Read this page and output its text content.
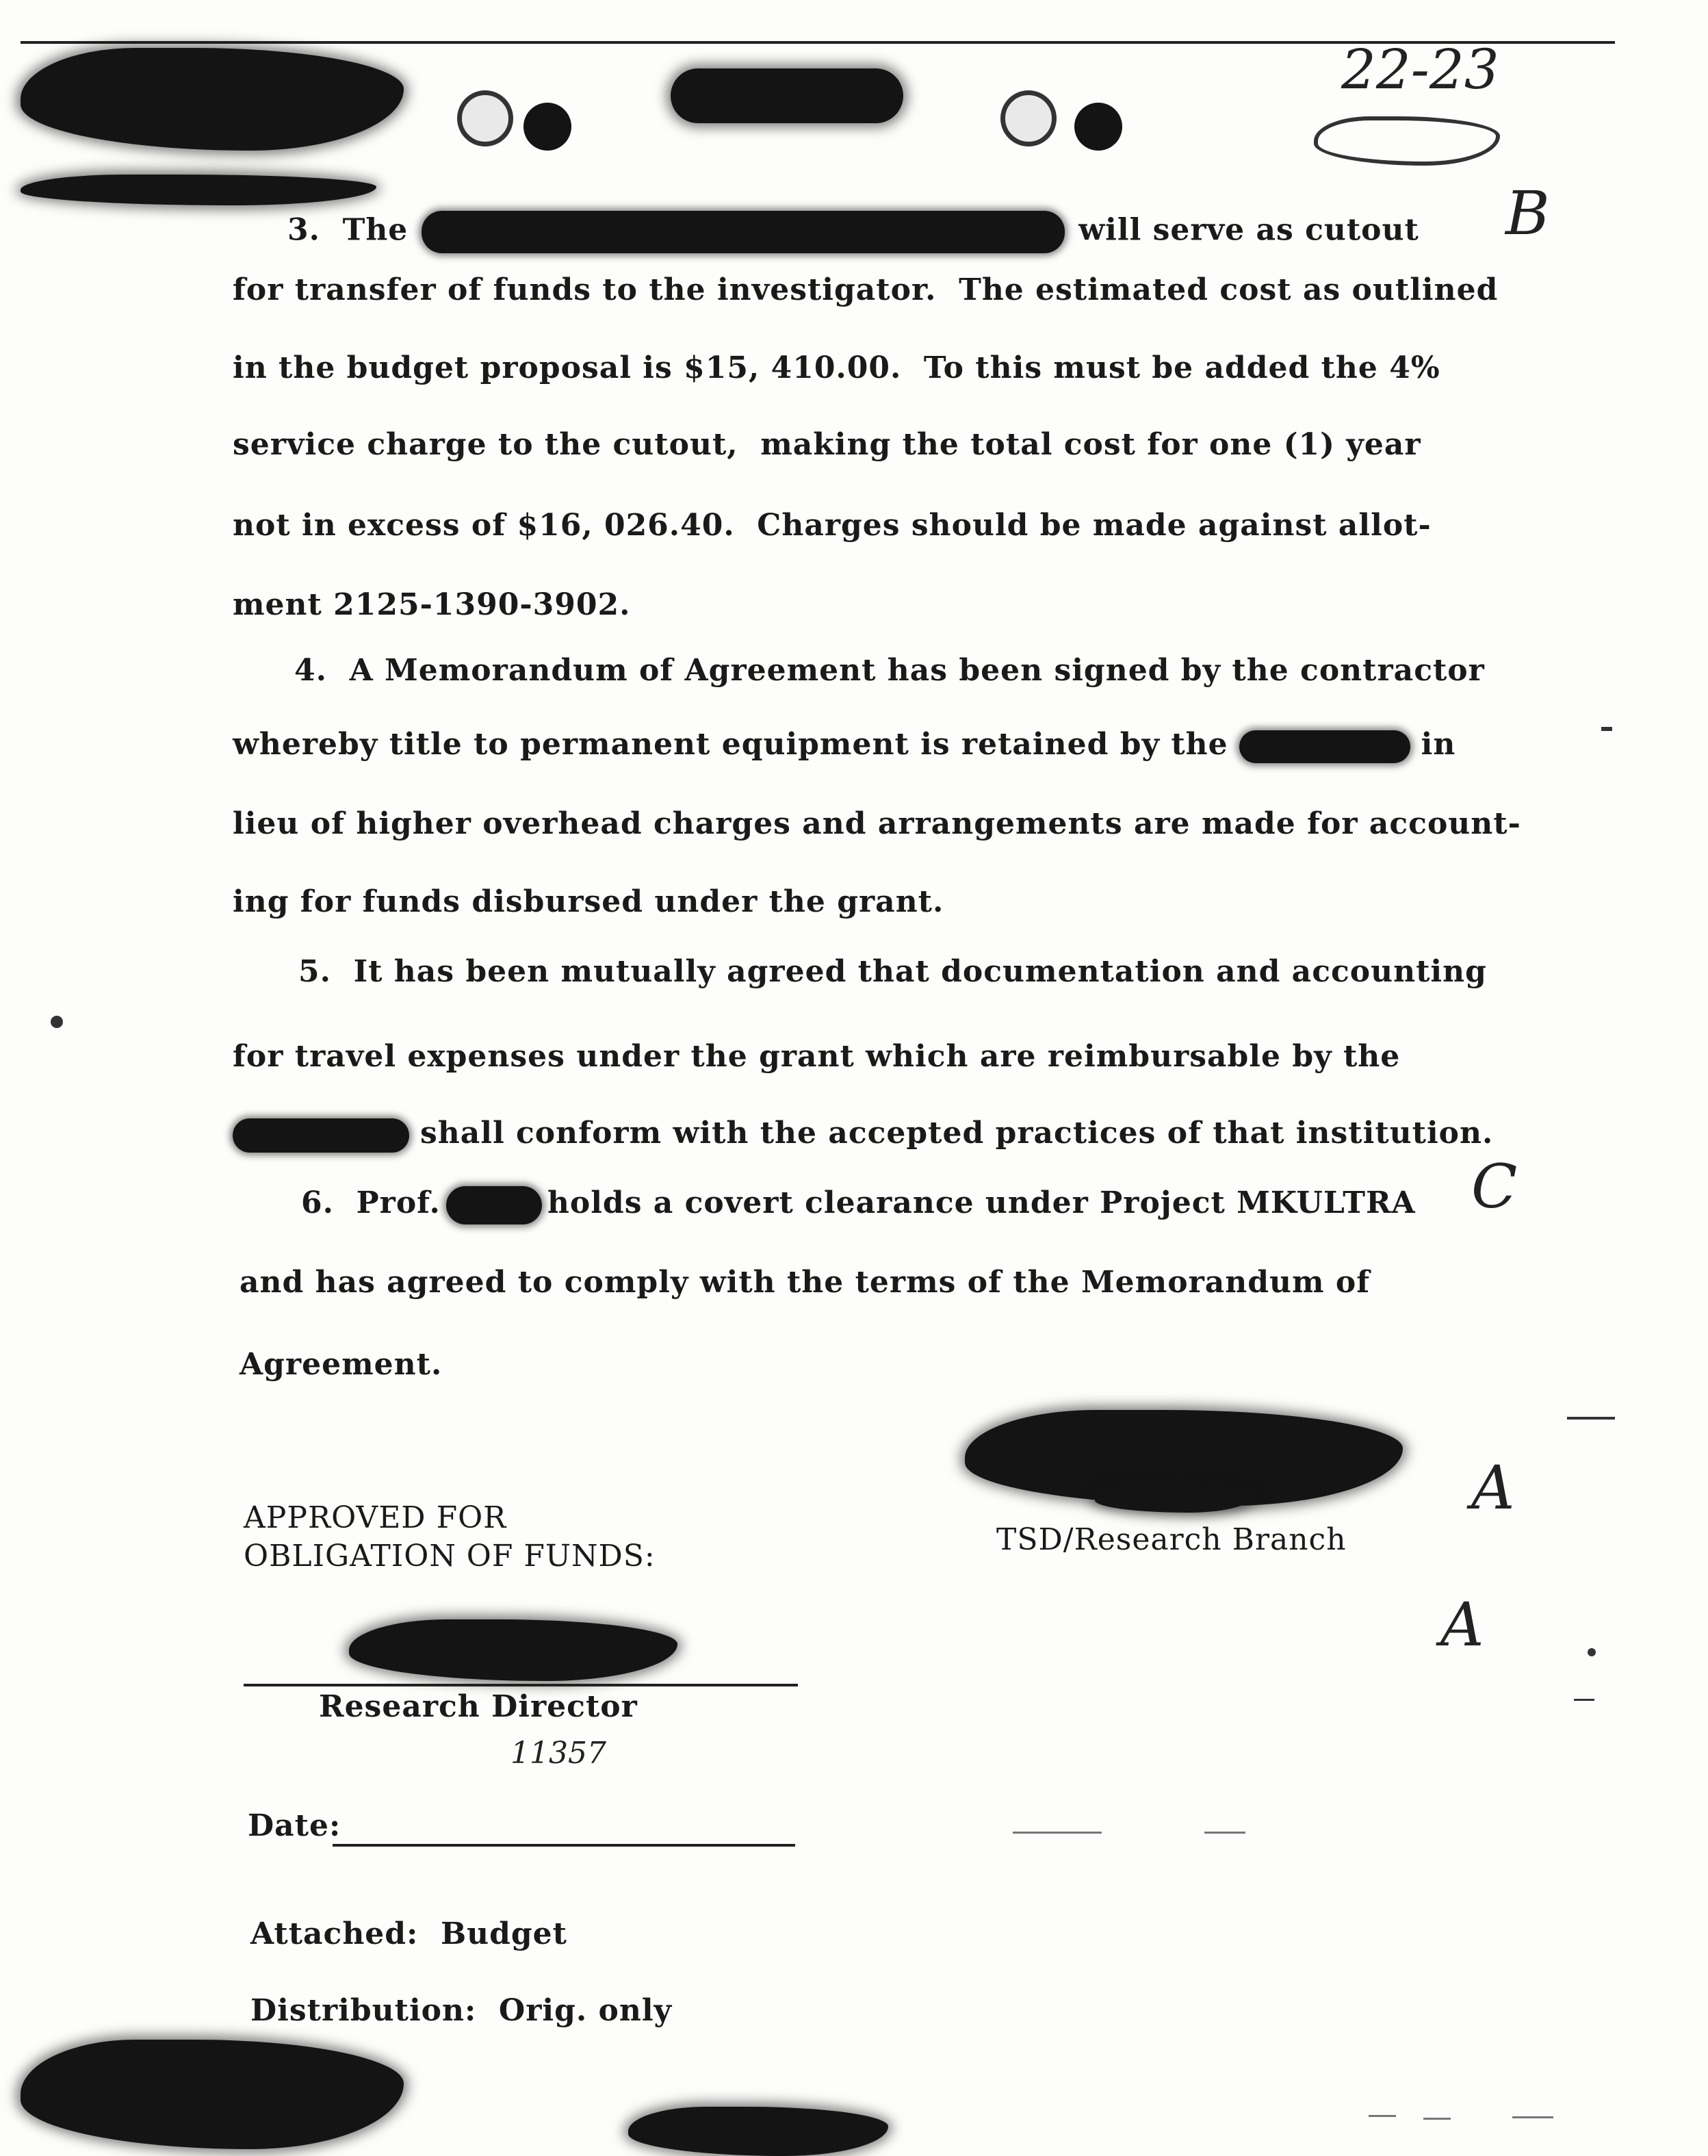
22-23
B
3.  The	will serve as cutout
for transfer of funds to the investigator.  The estimated cost as outlined
in the budget proposal is $15, 410.00.  To this must be added the 4%
service charge to the cutout,  making the total cost for one (1) year
not in excess of $16, 026.40.  Charges should be made against allot-
ment 2125-1390-3902.
4.  A Memorandum of Agreement has been signed by the contractor
whereby title to permanent equipment is retained by the	in
lieu of higher overhead charges and arrangements are made for account-
ing for funds disbursed under the grant.
5.  It has been mutually agreed that documentation and accounting
for travel expenses under the grant which are reimbursable by the
shall conform with the accepted practices of that institution.
6.  Prof.	holds a covert clearance under Project MKULTRA
and has agreed to comply with the terms of the Memorandum of
Agreement.
C
A
APPROVED FOR
OBLIGATION OF FUNDS:	TSD/Research Branch
A
Research Director
11357
Date:
Attached:  Budget
Distribution:  Orig. only
